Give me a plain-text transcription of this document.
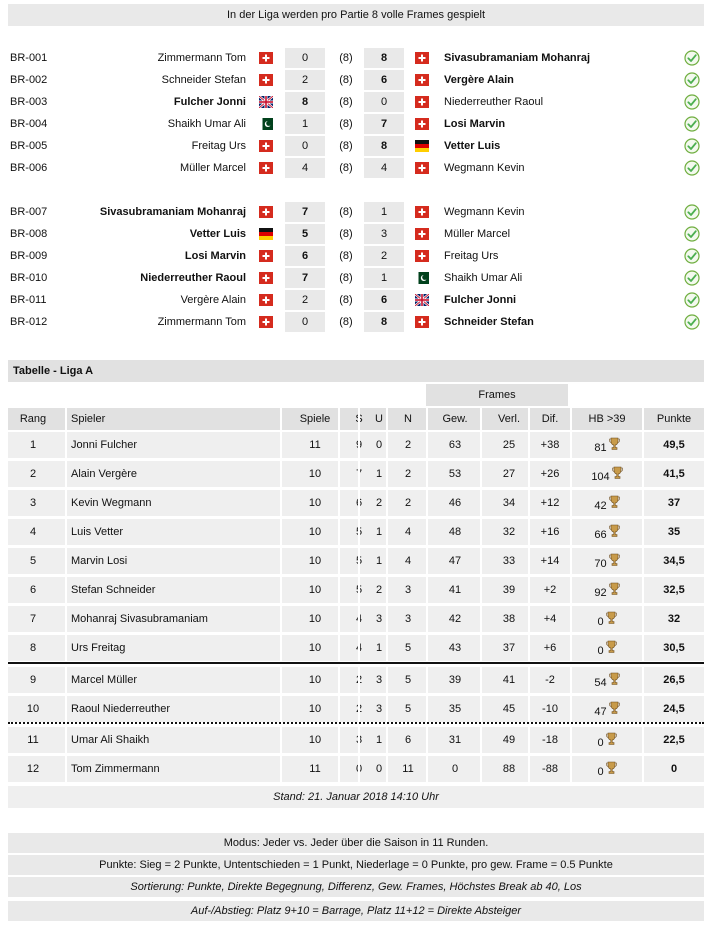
In der Liga werden pro Partie 8 volle Frames gespielt
BR-001	Zimmermann Tom	0	(8)	8	Sivasubramaniam Mohanraj
BR-002	Schneider Stefan	2	(8)	6	Vergère Alain
BR-003	Fulcher Jonni	8	(8)	0	Niederreuther Raoul
BR-004	Shaikh Umar Ali	1	(8)	7	Losi Marvin
BR-005	Freitag Urs	0	(8)	8	Vetter Luis
BR-006	Müller Marcel	4	(8)	4	Wegmann Kevin
BR-007	Sivasubramaniam Mohanraj	7	(8)	1	Wegmann Kevin
BR-008	Vetter Luis	5	(8)	3	Müller Marcel
BR-009	Losi Marvin	6	(8)	2	Freitag Urs
BR-010	Niederreuther Raoul	7	(8)	1	Shaikh Umar Ali
BR-011	Vergère Alain	2	(8)	6	Fulcher Jonni
BR-012	Zimmermann Tom	0	(8)	8	Schneider Stefan
Tabelle - Liga A
Frames
Rang	Spieler	Spiele	S	U	N	Gew.	Verl.	Dif.	HB >39	Punkte
1	Jonni Fulcher	11	9	0	2	63	25	+38	81	49,5
2	Alain Vergère	10	7	1	2	53	27	+26	104	41,5
3	Kevin Wegmann	10	6	2	2	46	34	+12	42	37
4	Luis Vetter	10	5	1	4	48	32	+16	66	35
5	Marvin Losi	10	5	1	4	47	33	+14	70	34,5
6	Stefan Schneider	10	5	2	3	41	39	+2	92	32,5
7	Mohanraj Sivasubramaniam	10	4	3	3	42	38	+4	0	32
8	Urs Freitag	10	4	1	5	43	37	+6	0	30,5
9	Marcel Müller	10	2	3	5	39	41	-2	54	26,5
10	Raoul Niederreuther	10	2	3	5	35	45	-10	47	24,5
11	Umar Ali Shaikh	10	3	1	6	31	49	-18	0	22,5
12	Tom Zimmermann	11	0	0	11	0	88	-88	0	0
Stand: 21. Januar 2018 14:10 Uhr
Modus: Jeder vs. Jeder über die Saison in 11 Runden.
Punkte: Sieg = 2 Punkte, Untentschieden = 1 Punkt, Niederlage = 0 Punkte, pro gew. Frame = 0.5 Punkte
Sortierung: Punkte, Direkte Begegnung, Differenz, Gew. Frames, Höchstes Break ab 40, Los
Auf-/Abstieg: Platz 9+10 = Barrage, Platz 11+12 = Direkte Absteiger
